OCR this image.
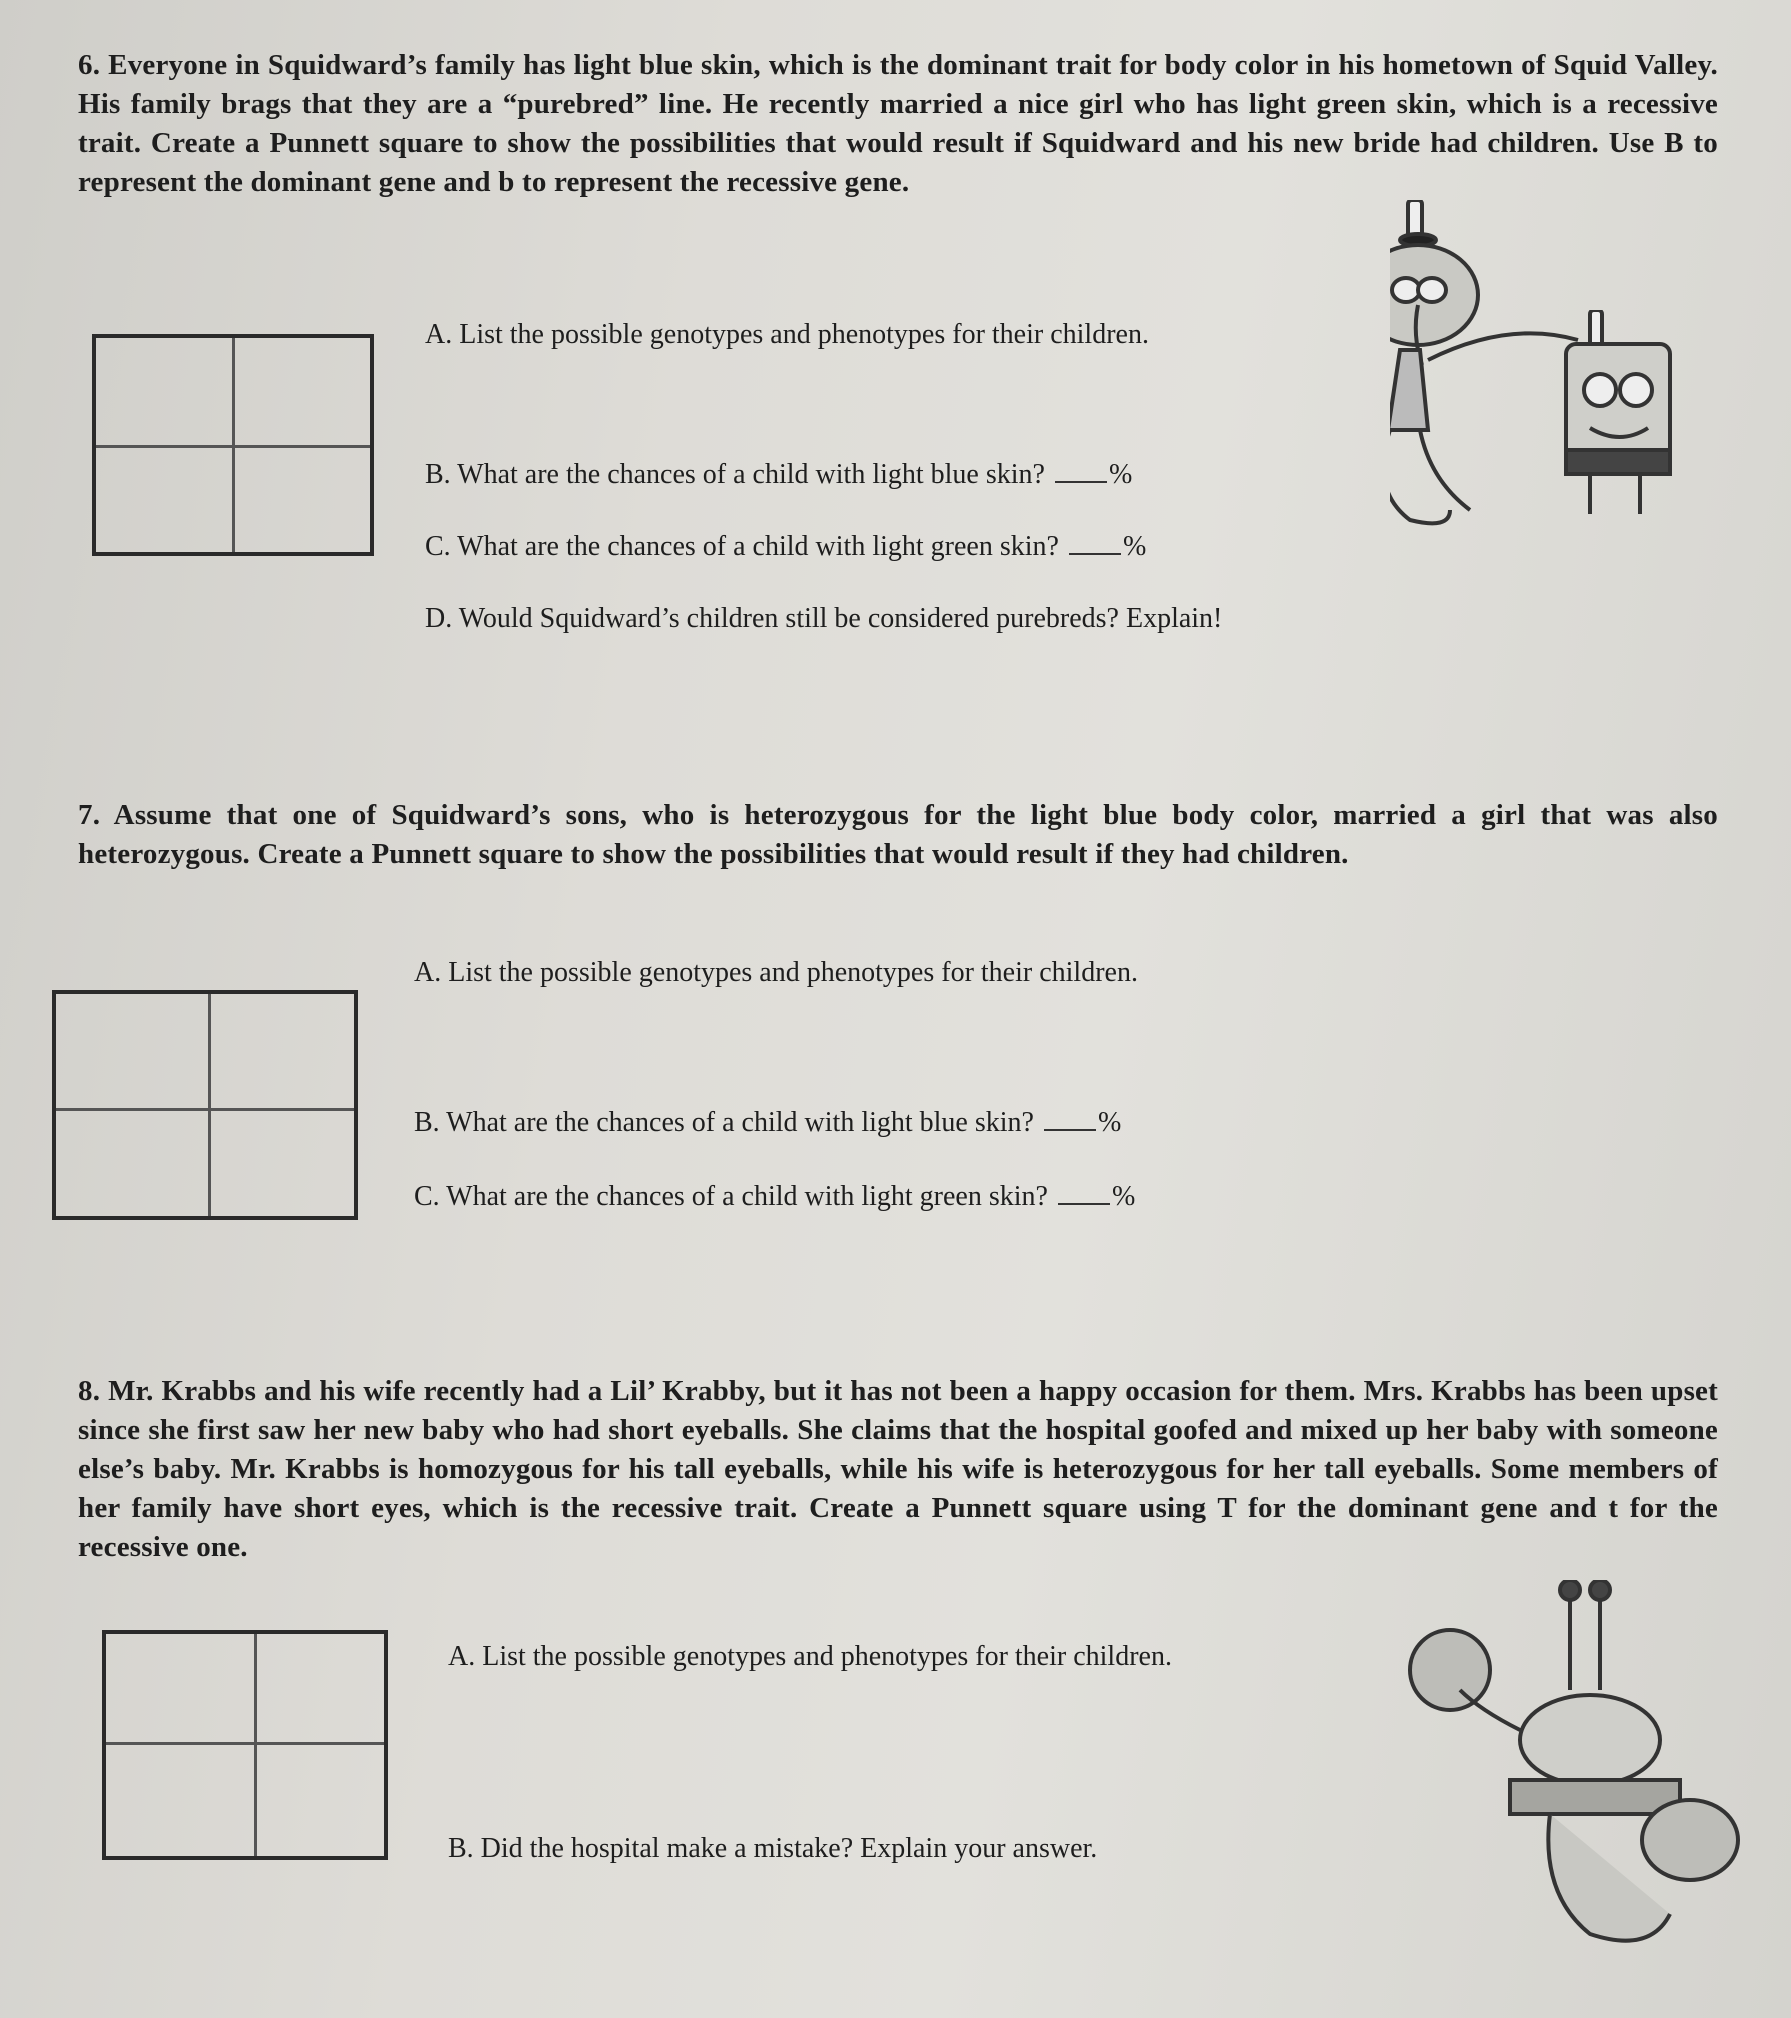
6. Everyone in Squidward’s family has light blue skin, which is the dominant trait for body color in his hometown of Squid Valley. His family brags that they are a “purebred” line. He recently married a nice girl who has light green skin, which is a recessive trait. Create a Punnett square to show the possibilities that would result if Squidward and his new bride had children. Use B to represent the dominant gene and b to represent the recessive gene.
A. List the possible genotypes and phenotypes for their children.
B. What are the chances of a child with light blue skin? %
C. What are the chances of a child with light green skin? %
D. Would Squidward’s children still be considered purebreds? Explain!
7. Assume that one of Squidward’s sons, who is heterozygous for the light blue body color, married a girl that was also heterozygous. Create a Punnett square to show the possibilities that would result if they had children.
A. List the possible genotypes and phenotypes for their children.
B. What are the chances of a child with light blue skin? %
C. What are the chances of a child with light green skin? %
8. Mr. Krabbs and his wife recently had a Lil’ Krabby, but it has not been a happy occasion for them. Mrs. Krabbs has been upset since she first saw her new baby who had short eyeballs. She claims that the hospital goofed and mixed up her baby with someone else’s baby. Mr. Krabbs is homozygous for his tall eyeballs, while his wife is heterozygous for her tall eyeballs. Some members of her family have short eyes, which is the recessive trait. Create a Punnett square using T for the dominant gene and t for the recessive one.
A. List the possible genotypes and phenotypes for their children.
B. Did the hospital make a mistake? Explain your answer.
